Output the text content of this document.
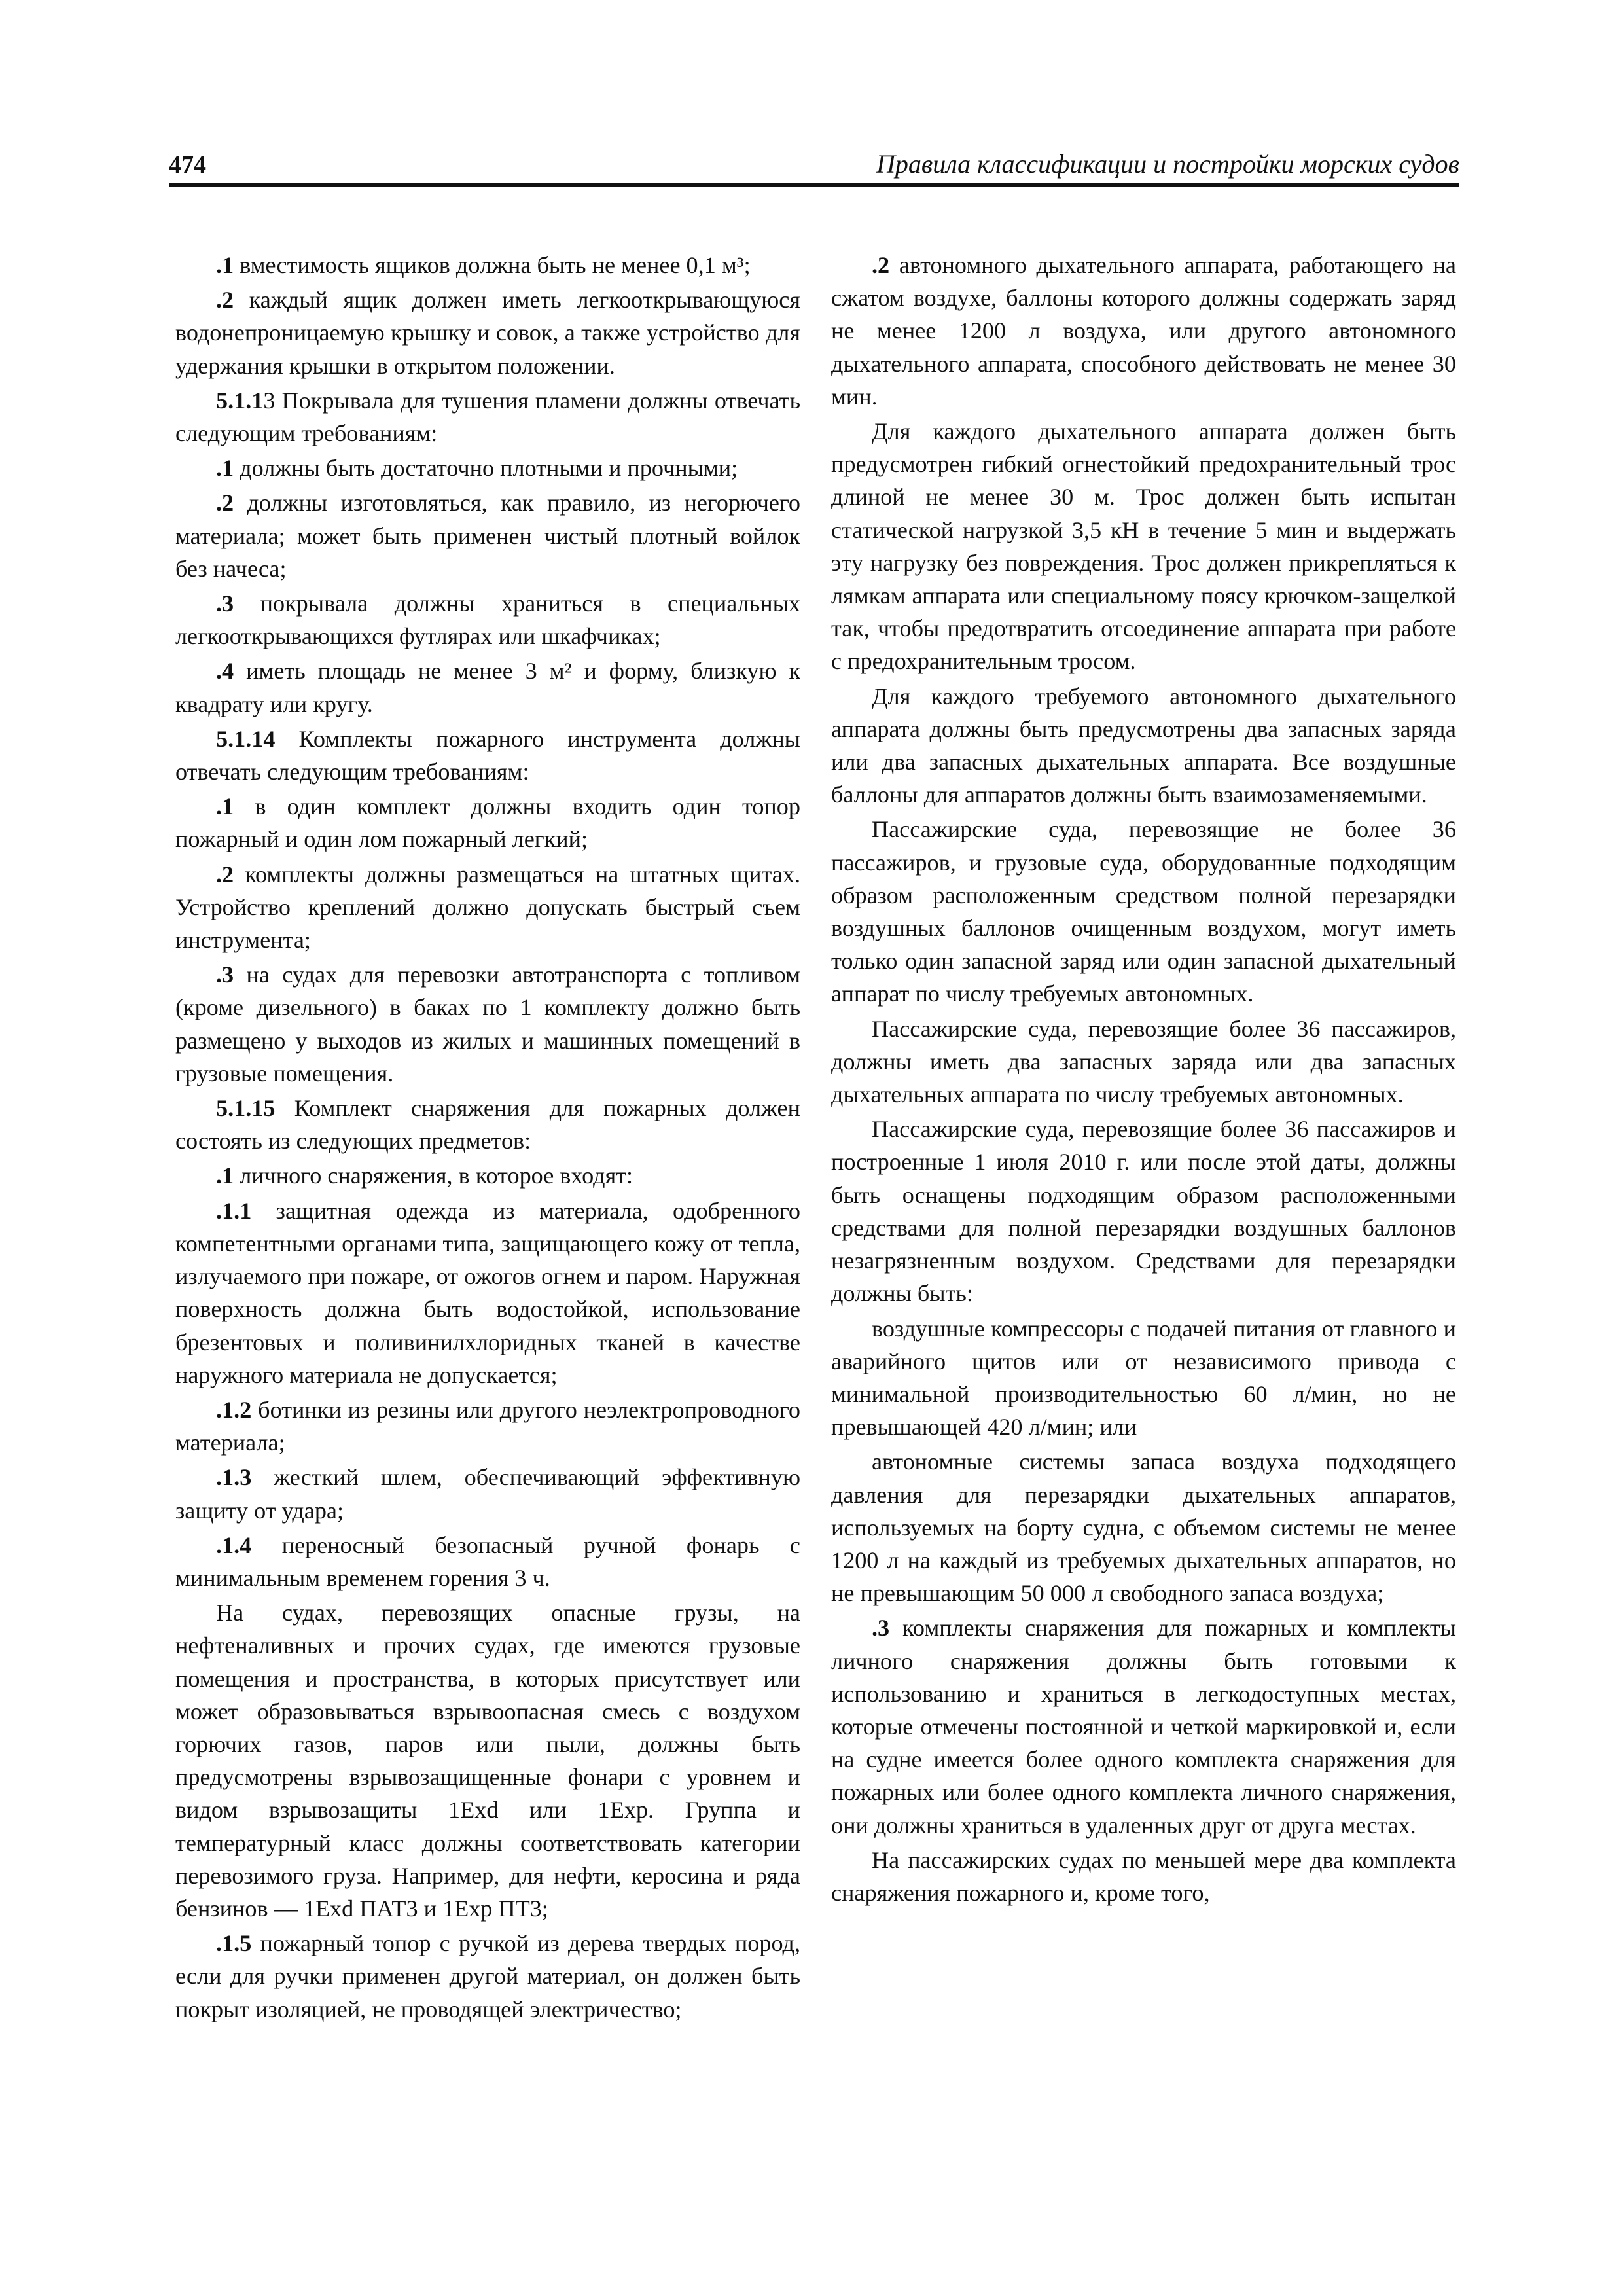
474	Правила классификации и постройки морских судов

.1 вместимость ящиков должна быть не менее 0,1 м³;

.2 каждый ящик должен иметь легкооткрывающуюся водонепроницаемую крышку и совок, а также устройство для удержания крышки в открытом положении.

5.1.13 Покрывала для тушения пламени должны отвечать следующим требованиям:

.1 должны быть достаточно плотными и прочными;

.2 должны изготовляться, как правило, из негорючего материала; может быть применен чистый плотный войлок без начеса;

.3 покрывала должны храниться в специальных легкооткрывающихся футлярах или шкафчиках;

.4 иметь площадь не менее 3 м² и форму, близкую к квадрату или кругу.

5.1.14 Комплекты пожарного инструмента должны отвечать следующим требованиям:

.1 в один комплект должны входить один топор пожарный и один лом пожарный легкий;

.2 комплекты должны размещаться на штатных щитах. Устройство креплений должно допускать быстрый съем инструмента;

.3 на судах для перевозки автотранспорта с топливом (кроме дизельного) в баках по 1 комплекту должно быть размещено у выходов из жилых и машинных помещений в грузовые помещения.

5.1.15 Комплект снаряжения для пожарных должен состоять из следующих предметов:

.1 личного снаряжения, в которое входят:

.1.1 защитная одежда из материала, одобренного компетентными органами типа, защищающего кожу от тепла, излучаемого при пожаре, от ожогов огнем и паром. Наружная поверхность должна быть водостойкой, использование брезентовых и поливинилхлоридных тканей в качестве наружного материала не допускается;

.1.2 ботинки из резины или другого неэлектропроводного материала;

.1.3 жесткий шлем, обеспечивающий эффективную защиту от удара;

.1.4 переносный безопасный ручной фонарь с минимальным временем горения 3 ч.

На судах, перевозящих опасные грузы, на нефтеналивных и прочих судах, где имеются грузовые помещения и пространства, в которых присутствует или может образовываться взрывоопасная смесь с воздухом горючих газов, паров или пыли, должны быть предусмотрены взрывозащищенные фонари с уровнем и видом взрывозащиты 1Exd или 1Exp. Группа и температурный класс должны соответствовать категории перевозимого груза. Например, для нефти, керосина и ряда бензинов — 1Exd ПАТ3 и 1Exp ПТ3;

.1.5 пожарный топор с ручкой из дерева твердых пород, если для ручки применен другой материал, он должен быть покрыт изоляцией, не проводящей электричество;

.2 автономного дыхательного аппарата, работающего на сжатом воздухе, баллоны которого должны содержать заряд не менее 1200 л воздуха, или другого автономного дыхательного аппарата, способного действовать не менее 30 мин.

Для каждого дыхательного аппарата должен быть предусмотрен гибкий огнестойкий предохранительный трос длиной не менее 30 м. Трос должен быть испытан статической нагрузкой 3,5 кН в течение 5 мин и выдержать эту нагрузку без повреждения. Трос должен прикрепляться к лямкам аппарата или специальному поясу крючком-защелкой так, чтобы предотвратить отсоединение аппарата при работе с предохранительным тросом.

Для каждого требуемого автономного дыхательного аппарата должны быть предусмотрены два запасных заряда или два запасных дыхательных аппарата. Все воздушные баллоны для аппаратов должны быть взаимозаменяемыми.

Пассажирские суда, перевозящие не более 36 пассажиров, и грузовые суда, оборудованные подходящим образом расположенным средством полной перезарядки воздушных баллонов очищенным воздухом, могут иметь только один запасной заряд или один запасной дыхательный аппарат по числу требуемых автономных.

Пассажирские суда, перевозящие более 36 пассажиров, должны иметь два запасных заряда или два запасных дыхательных аппарата по числу требуемых автономных.

Пассажирские суда, перевозящие более 36 пассажиров и построенные 1 июля 2010 г. или после этой даты, должны быть оснащены подходящим образом расположенными средствами для полной перезарядки воздушных баллонов незагрязненным воздухом. Средствами для перезарядки должны быть:

воздушные компрессоры с подачей питания от главного и аварийного щитов или от независимого привода с минимальной производительностью 60 л/мин, но не превышающей 420 л/мин; или

автономные системы запаса воздуха подходящего давления для перезарядки дыхательных аппаратов, используемых на борту судна, с объемом системы не менее 1200 л на каждый из требуемых дыхательных аппаратов, но не превышающим 50 000 л свободного запаса воздуха;

.3 комплекты снаряжения для пожарных и комплекты личного снаряжения должны быть готовыми к использованию и храниться в легкодоступных местах, которые отмечены постоянной и четкой маркировкой и, если на судне имеется более одного комплекта снаряжения для пожарных или более одного комплекта личного снаряжения, они должны храниться в удаленных друг от друга местах.

На пассажирских судах по меньшей мере два комплекта снаряжения пожарного и, кроме того,
